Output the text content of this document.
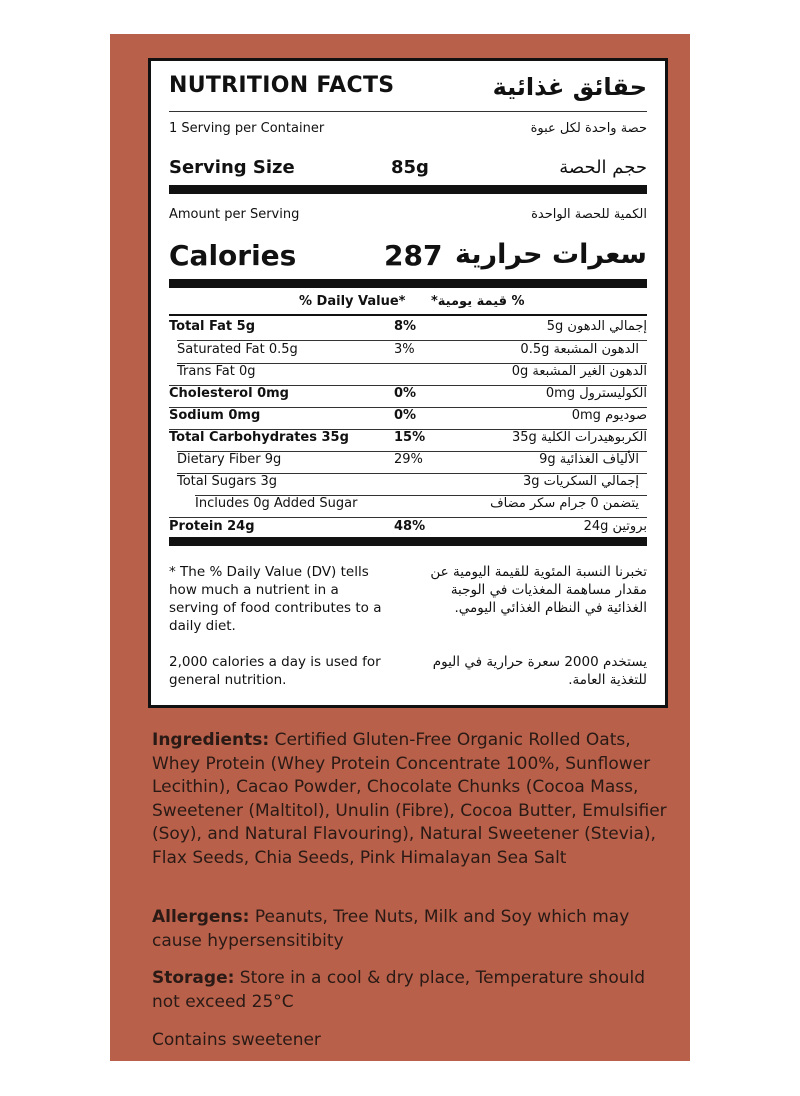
NUTRITION FACTS	حقائق غذائية
1 Serving per Container	حصة واحدة لكل عبوة
Serving Size	85g	حجم الحصة
Amount per Serving	الكمية للحصة الواحدة
Calories	287 سعرات حرارية
% Daily Value* % قيمة يومية*
Total Fat 5g	8%	إجمالي الدهون 5g
Saturated Fat 0.5g	3%	الدهون المشبعة 0.5g
Trans Fat 0g	الدهون الغير المشبعة 0g
Cholesterol 0mg	0%	الكوليسترول 0mg
Sodium 0mg	0%	صوديوم 0mg
Total Carbohydrates 35g	15%	الكربوهيدرات الكلية 35g
Dietary Fiber 9g	29%	الألياف الغذائية 9g
Total Sugars 3g	إجمالي السكريات 3g
Includes 0g Added Sugar	يتضمن 0 جرام سكر مضاف
Protein 24g	48%	بروتين 24g
* The % Daily Value (DV) tells how much a nutrient in a serving of food contributes to a daily diet.
تخبرنا النسبة المئوية للقيمة اليومية عن مقدار مساهمة المغذيات في الوجبة الغذائية في النظام الغذائي اليومي.
2,000 calories a day is used for general nutrition.
يستخدم 2000 سعرة حرارية في اليوم للتغذية العامة.
Ingredients: Certified Gluten-Free Organic Rolled Oats, Whey Protein (Whey Protein Concentrate 100%, Sunflower Lecithin), Cacao Powder, Chocolate Chunks (Cocoa Mass, Sweetener (Maltitol), Unulin (Fibre), Cocoa Butter, Emulsifier (Soy), and Natural Flavouring), Natural Sweetener (Stevia), Flax Seeds, Chia Seeds, Pink Himalayan Sea Salt
Allergens: Peanuts, Tree Nuts, Milk and Soy which may cause hypersensitibity
Storage: Store in a cool & dry place, Temperature should not exceed 25°C
Contains sweetener
